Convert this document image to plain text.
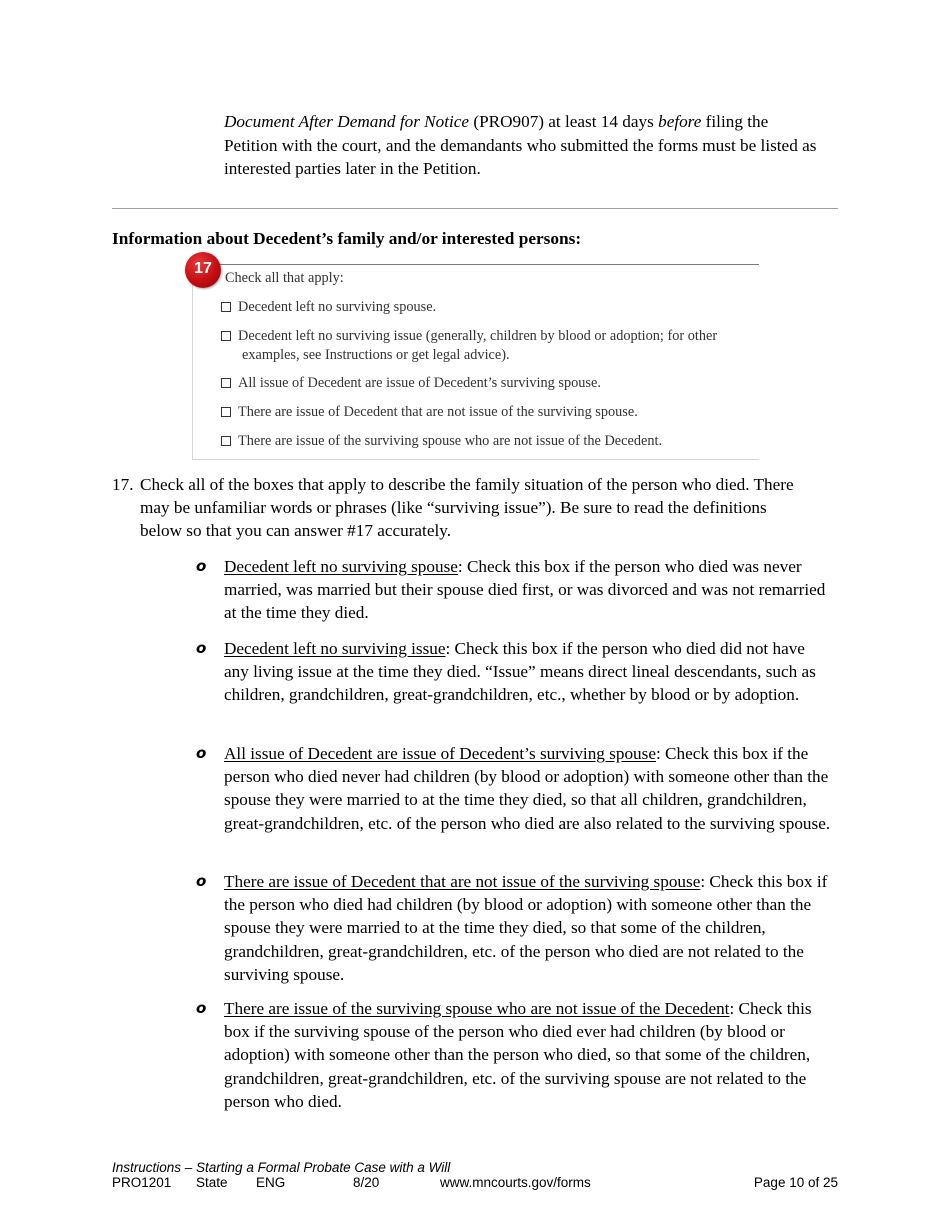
Document After Demand for Notice (PRO907) at least 14 days before filing the Petition with the court, and the demandants who submitted the forms must be listed as interested parties later in the Petition.
Information about Decedent’s family and/or interested persons:
17
Check all that apply:
Decedent left no surviving spouse.
Decedent left no surviving issue (generally, children by blood or adoption; for other
examples, see Instructions or get legal advice).
All issue of Decedent are issue of Decedent’s surviving spouse.
There are issue of Decedent that are not issue of the surviving spouse.
There are issue of the surviving spouse who are not issue of the Decedent.
17. Check all of the boxes that apply to describe the family situation of the person who died. There may be unfamiliar words or phrases (like “surviving issue”). Be sure to read the definitions below so that you can answer #17 accurately.
o Decedent left no surviving spouse: Check this box if the person who died was never married, was married but their spouse died first, or was divorced and was not remarried at the time they died.
o Decedent left no surviving issue: Check this box if the person who died did not have any living issue at the time they died. “Issue” means direct lineal descendants, such as children, grandchildren, great-grandchildren, etc., whether by blood or by adoption.
o All issue of Decedent are issue of Decedent’s surviving spouse: Check this box if the person who died never had children (by blood or adoption) with someone other than the spouse they were married to at the time they died, so that all children, grandchildren, great-grandchildren, etc. of the person who died are also related to the surviving spouse.
o There are issue of Decedent that are not issue of the surviving spouse: Check this box if the person who died had children (by blood or adoption) with someone other than the spouse they were married to at the time they died, so that some of the children, grandchildren, great-grandchildren, etc. of the person who died are not related to the surviving spouse.
o There are issue of the surviving spouse who are not issue of the Decedent: Check this box if the surviving spouse of the person who died ever had children (by blood or adoption) with someone other than the person who died, so that some of the children, grandchildren, great-grandchildren, etc. of the surviving spouse are not related to the person who died.
Instructions – Starting a Formal Probate Case with a Will
PRO1201 State ENG	8/20	www.mncourts.gov/forms	Page 10 of 25
